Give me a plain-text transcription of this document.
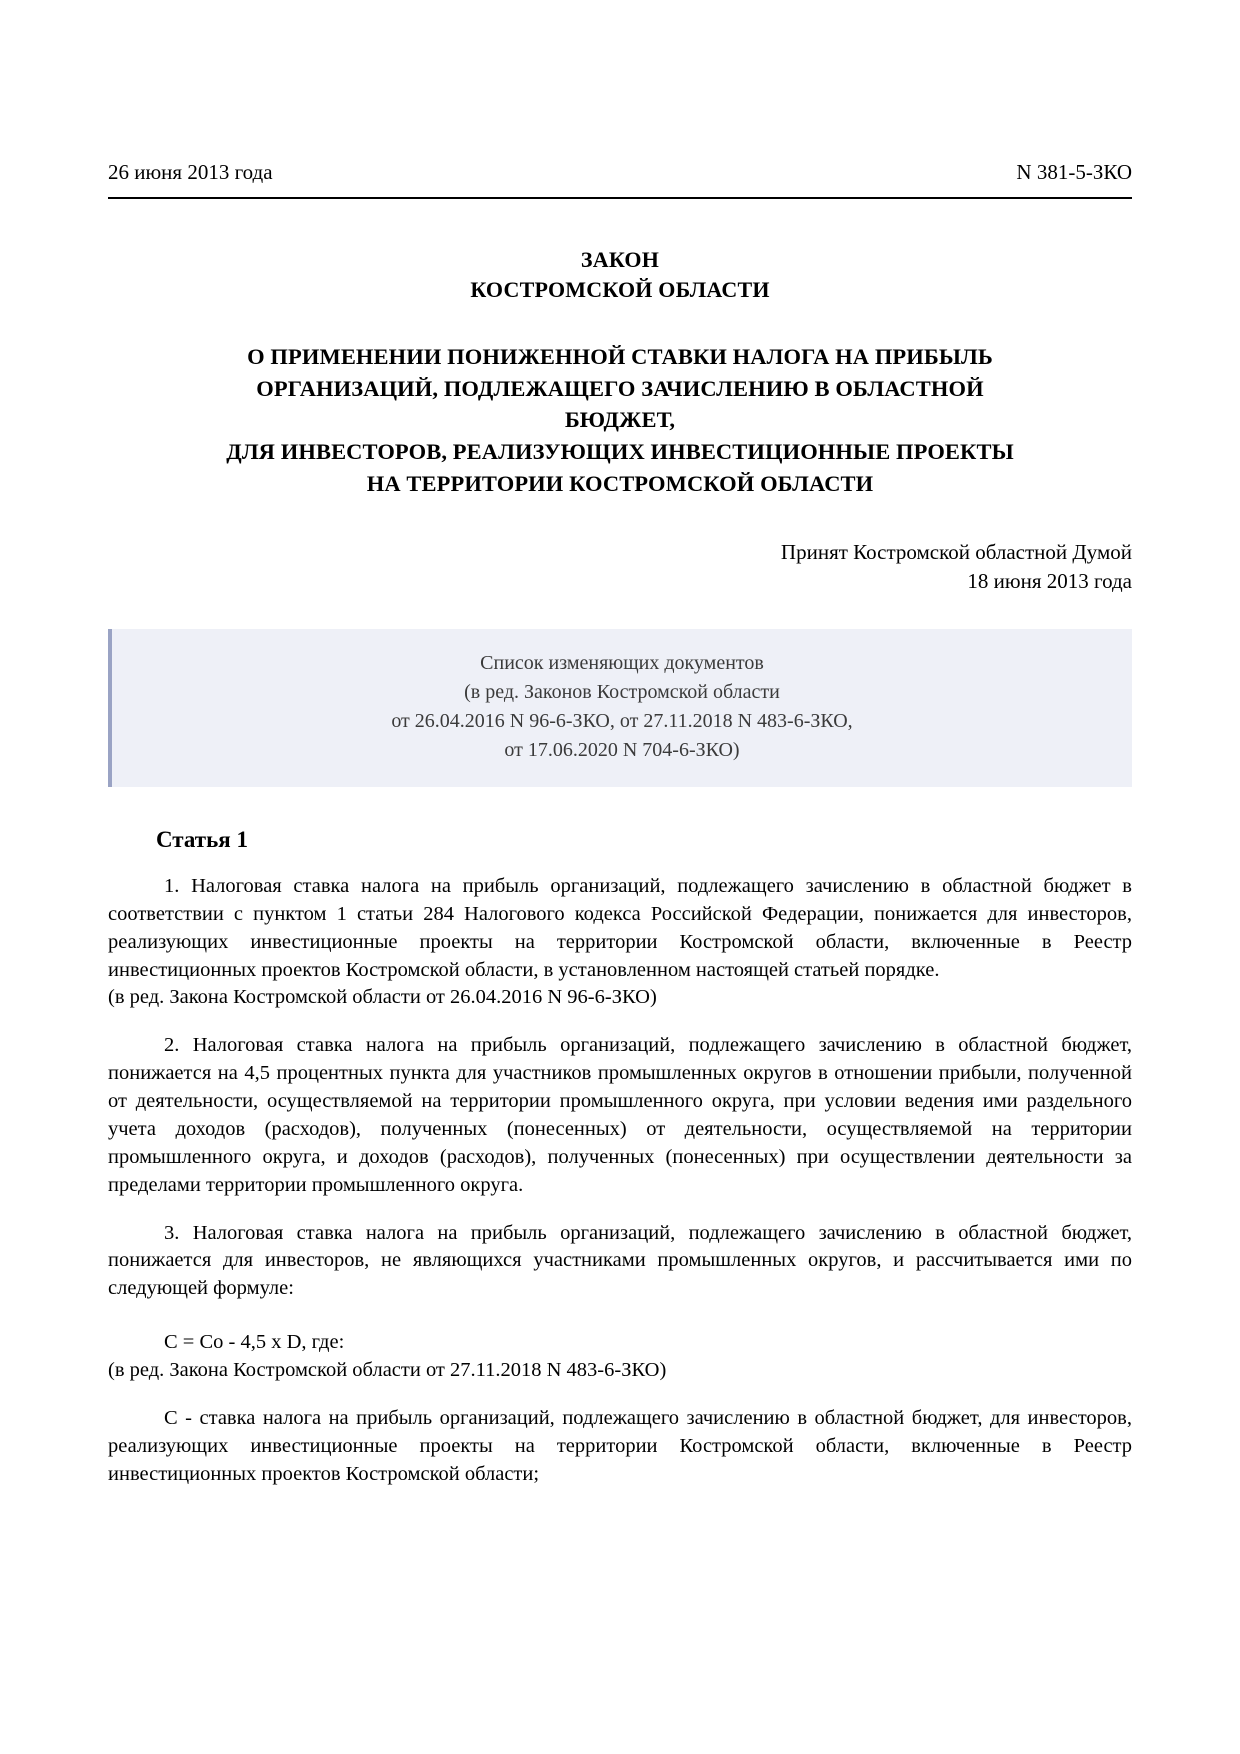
26 июня 2013 года	N 381-5-ЗКО
ЗАКОН
КОСТРОМСКОЙ ОБЛАСТИ
О ПРИМЕНЕНИИ ПОНИЖЕННОЙ СТАВКИ НАЛОГА НА ПРИБЫЛЬ
ОРГАНИЗАЦИЙ, ПОДЛЕЖАЩЕГО ЗАЧИСЛЕНИЮ В ОБЛАСТНОЙ
БЮДЖЕТ,
ДЛЯ ИНВЕСТОРОВ, РЕАЛИЗУЮЩИХ ИНВЕСТИЦИОННЫЕ ПРОЕКТЫ
НА ТЕРРИТОРИИ КОСТРОМСКОЙ ОБЛАСТИ
Принят Костромской областной Думой
18 июня 2013 года
Список изменяющих документов
(в ред. Законов Костромской области
от 26.04.2016 N 96-6-ЗКО, от 27.11.2018 N 483-6-ЗКО,
от 17.06.2020 N 704-6-ЗКО)
Статья 1

1. Налоговая ставка налога на прибыль организаций, подлежащего зачислению в областной бюджет в соответствии с пунктом 1 статьи 284 Налогового кодекса Российской Федерации, понижается для инвесторов, реализующих инвестиционные проекты на территории Костромской области, включенные в Реестр инвестиционных проектов Костромской области, в установленном настоящей статьей порядке.

(в ред. Закона Костромской области от 26.04.2016 N 96-6-ЗКО)

2. Налоговая ставка налога на прибыль организаций, подлежащего зачислению в областной бюджет, понижается на 4,5 процентных пункта для участников промышленных округов в отношении прибыли, полученной от деятельности, осуществляемой на территории промышленного округа, при условии ведения ими раздельного учета доходов (расходов), полученных (понесенных) от деятельности, осуществляемой на территории промышленного округа, и доходов (расходов), полученных (понесенных) при осуществлении деятельности за пределами территории промышленного округа.

3. Налоговая ставка налога на прибыль организаций, подлежащего зачислению в областной бюджет, понижается для инвесторов, не являющихся участниками промышленных округов, и рассчитывается ими по следующей формуле:

C = Co - 4,5 x D, где:

(в ред. Закона Костромской области от 27.11.2018 N 483-6-ЗКО)

C - ставка налога на прибыль организаций, подлежащего зачислению в областной бюджет, для инвесторов, реализующих инвестиционные проекты на территории Костромской области, включенные в Реестр инвестиционных проектов Костромской области;
